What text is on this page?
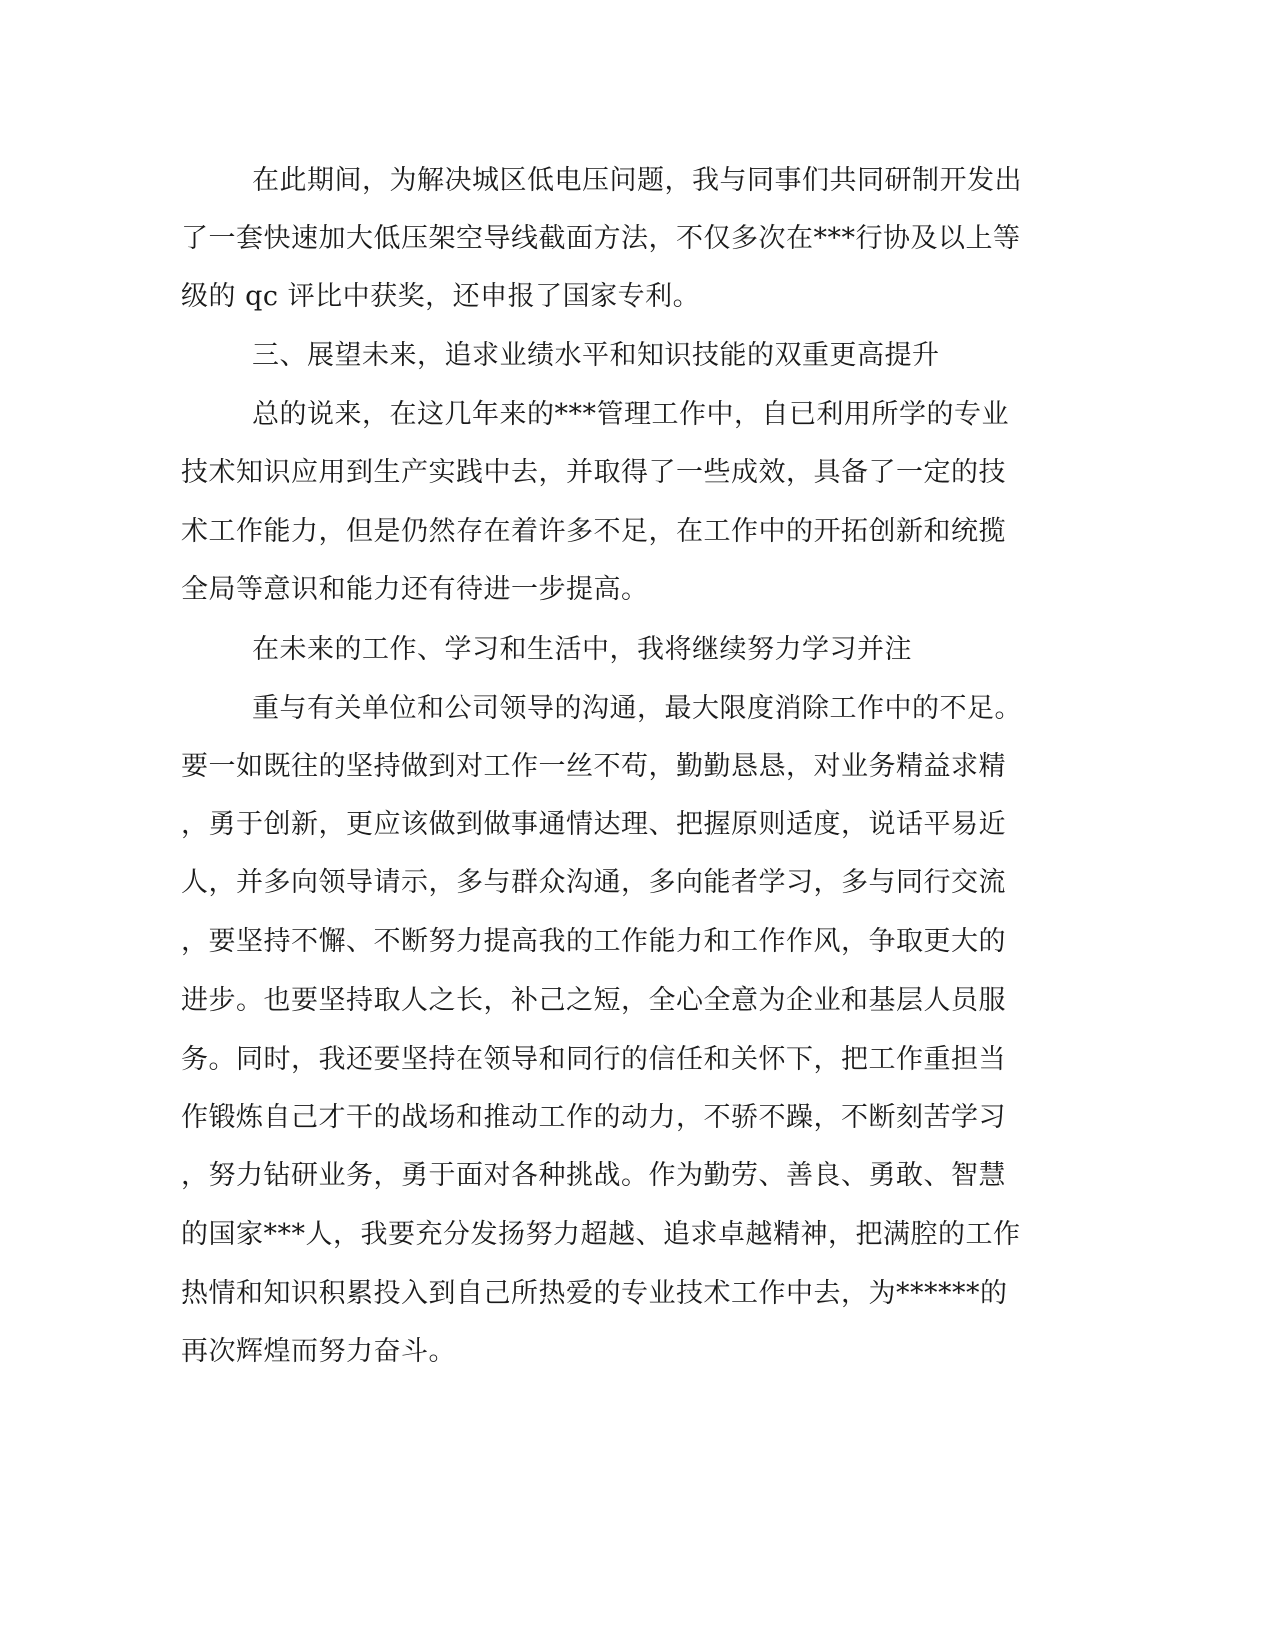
在此期间，为解决城区低电压问题，我与同事们共同研制开发出
了一套快速加大低压架空导线截面方法，不仅多次在***行协及以上等
级的 qc 评比中获奖，还申报了国家专利。
三、展望未来，追求业绩水平和知识技能的双重更高提升
总的说来，在这几年来的***管理工作中，自已利用所学的专业
技术知识应用到生产实践中去，并取得了一些成效，具备了一定的技
术工作能力，但是仍然存在着许多不足，在工作中的开拓创新和统揽
全局等意识和能力还有待进一步提高。
在未来的工作、学习和生活中，我将继续努力学习并注
重与有关单位和公司领导的沟通，最大限度消除工作中的不足。
要一如既往的坚持做到对工作一丝不苟，勤勤恳恳，对业务精益求精
，勇于创新，更应该做到做事通情达理、把握原则适度，说话平易近
人，并多向领导请示，多与群众沟通，多向能者学习，多与同行交流
，要坚持不懈、不断努力提高我的工作能力和工作作风，争取更大的
进步。也要坚持取人之长，补己之短，全心全意为企业和基层人员服
务。同时，我还要坚持在领导和同行的信任和关怀下，把工作重担当
作锻炼自己才干的战场和推动工作的动力，不骄不躁，不断刻苦学习
，努力钻研业务，勇于面对各种挑战。作为勤劳、善良、勇敢、智慧
的国家***人，我要充分发扬努力超越、追求卓越精神，把满腔的工作
热情和知识积累投入到自己所热爱的专业技术工作中去，为******的
再次辉煌而努力奋斗。
